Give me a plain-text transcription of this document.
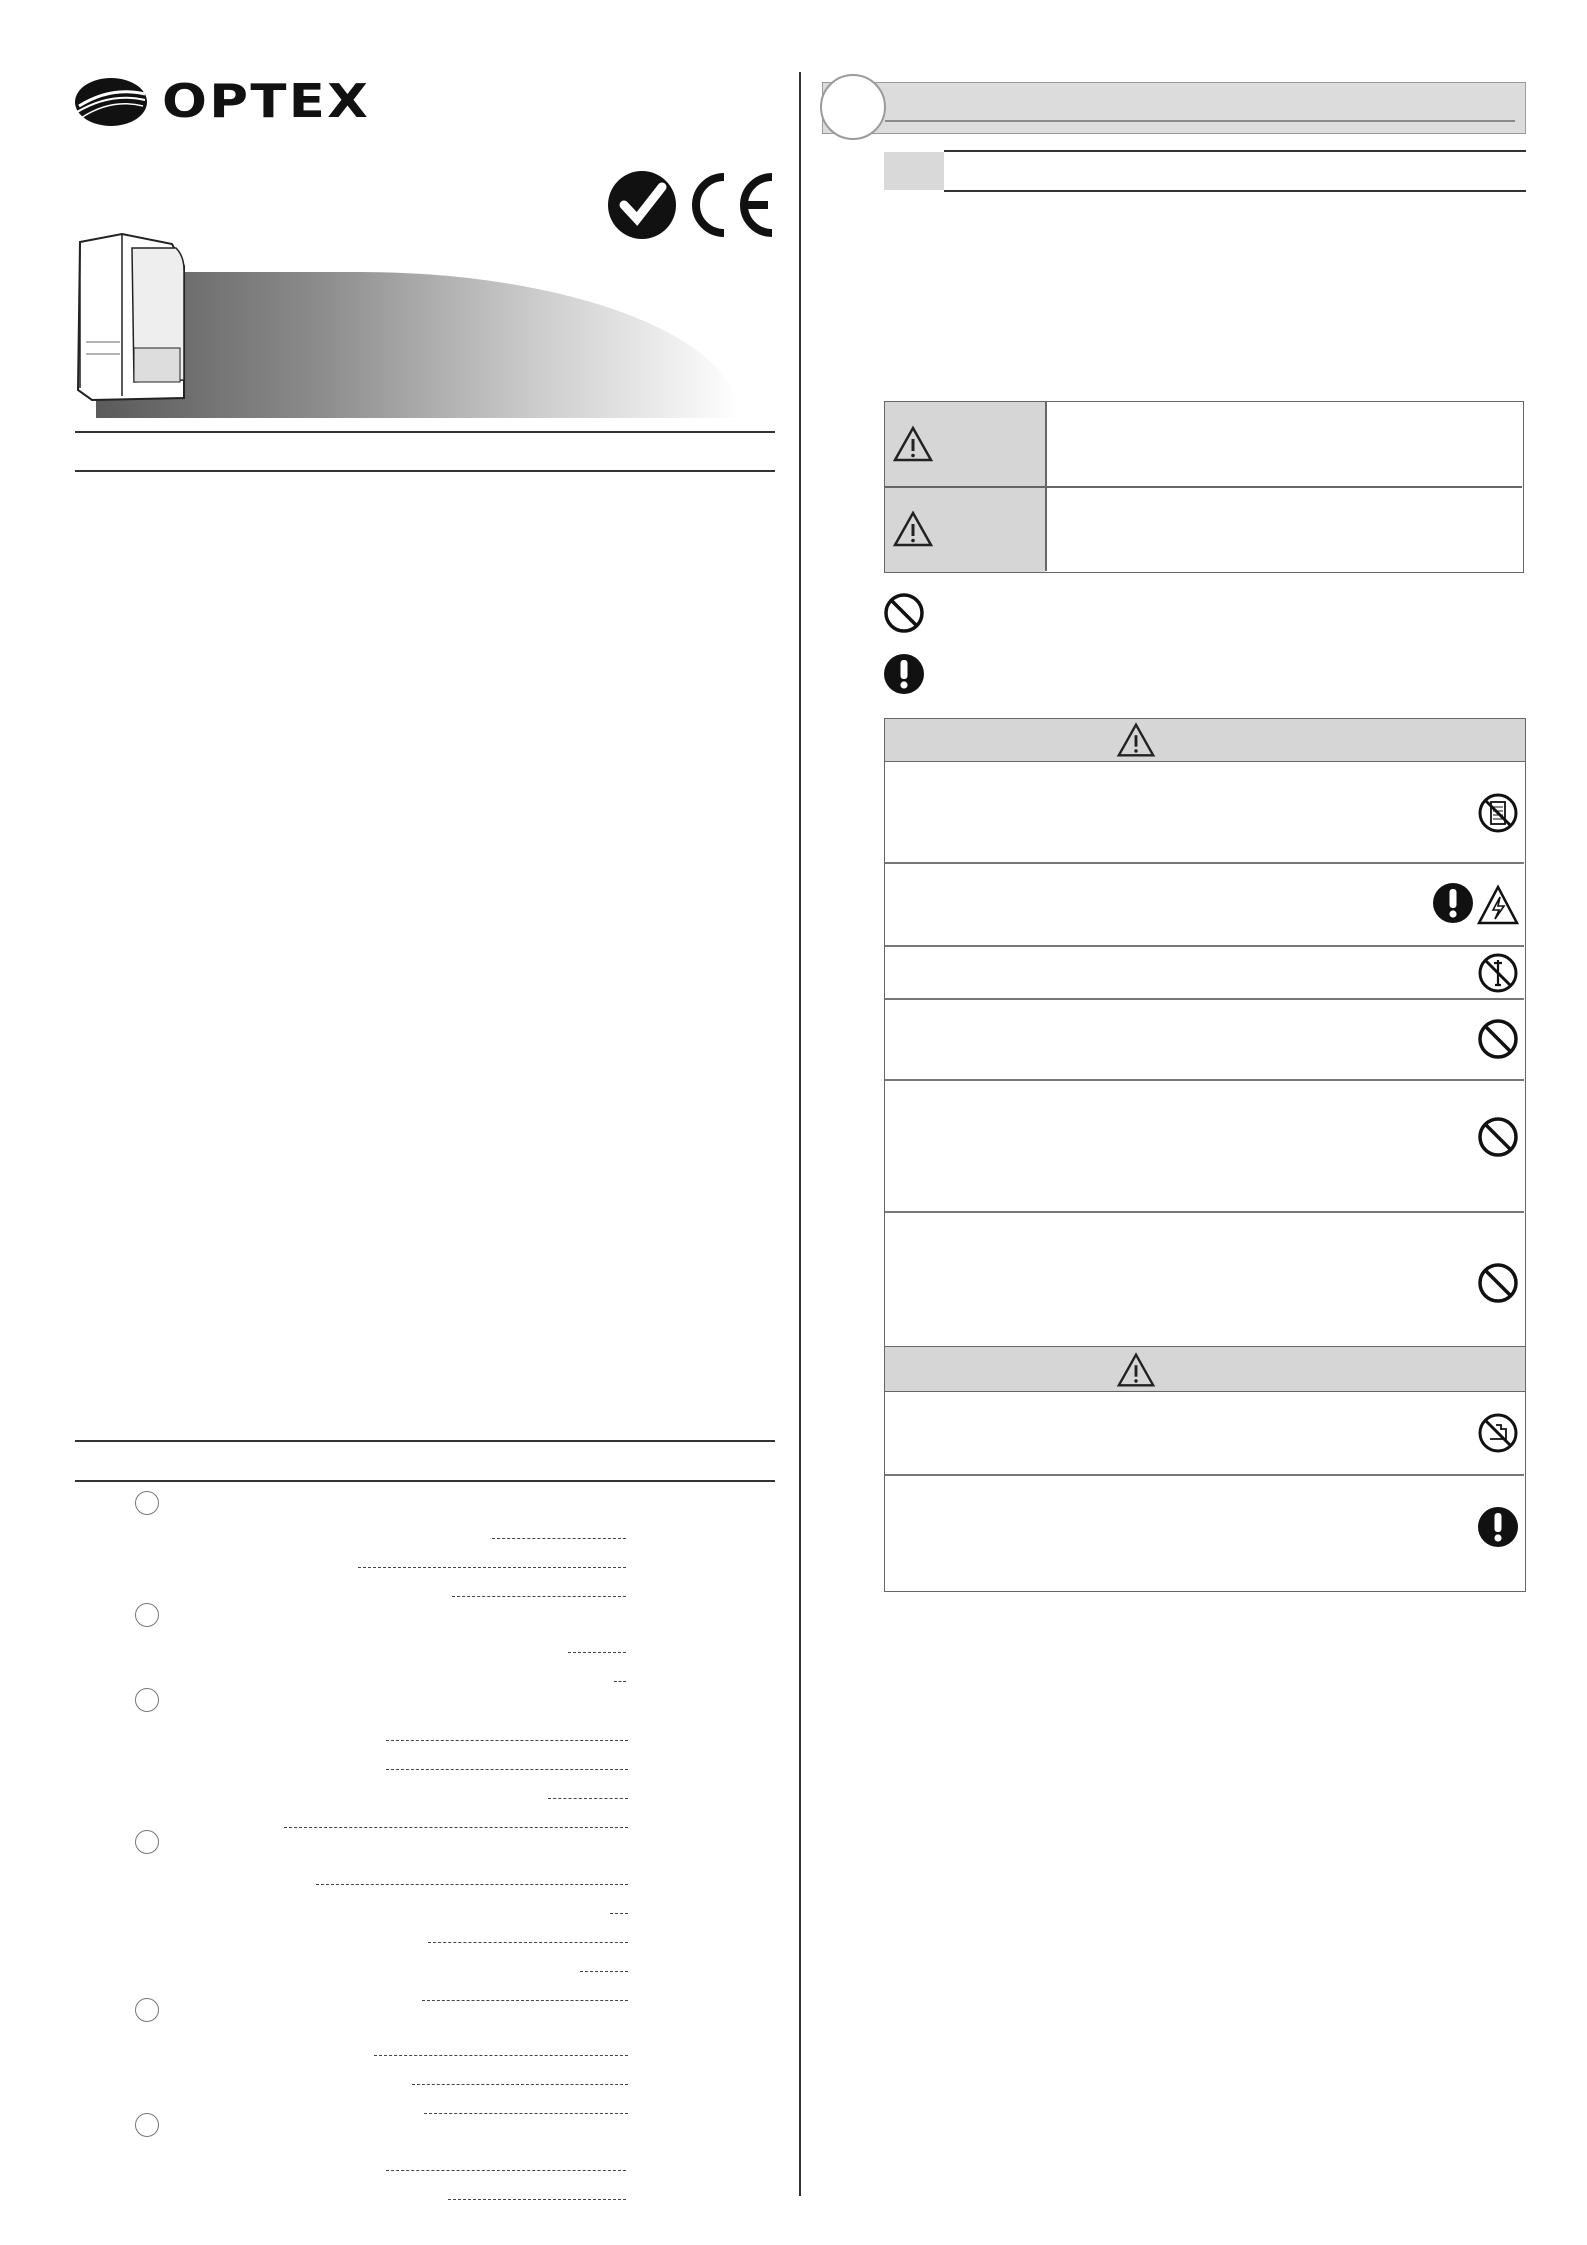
OPTEX
